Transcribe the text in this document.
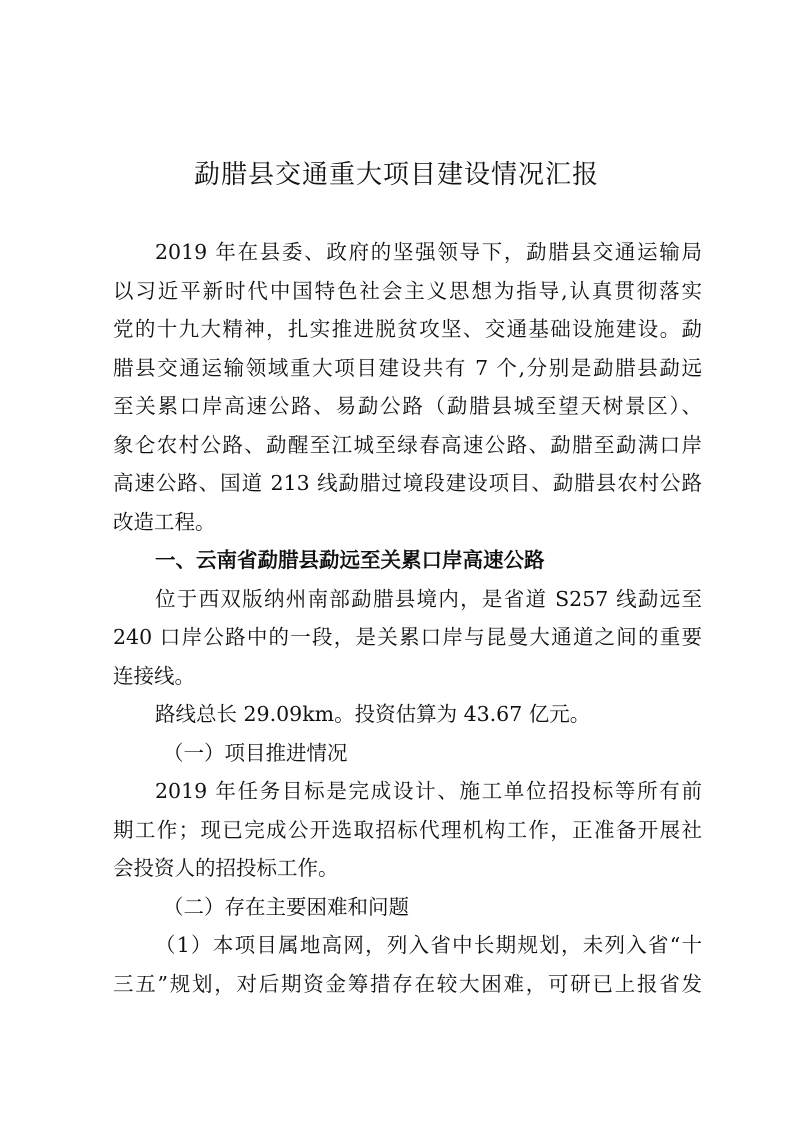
勐腊县交通重大项目建设情况汇报
2019 年在县委、政府的坚强领导下，勐腊县交通运输局
以习近平新时代中国特色社会主义思想为指导,认真贯彻落实
党的十九大精神，扎实推进脱贫攻坚、交通基础设施建设。勐
腊县交通运输领域重大项目建设共有 7 个,分别是勐腊县勐远
至关累口岸高速公路、易勐公路（勐腊县城至望天树景区）、
象仑农村公路、勐醒至江城至绿春高速公路、勐腊至勐满口岸
高速公路、国道 213 线勐腊过境段建设项目、勐腊县农村公路
改造工程。
一、云南省勐腊县勐远至关累口岸高速公路
位于西双版纳州南部勐腊县境内，是省道 S257 线勐远至
240 口岸公路中的一段，是关累口岸与昆曼大通道之间的重要
连接线。
路线总长 29.09km。投资估算为 43.67 亿元。
（一）项目推进情况
2019 年任务目标是完成设计、施工单位招投标等所有前
期工作；现已完成公开选取招标代理机构工作，正准备开展社
会投资人的招投标工作。
（二）存在主要困难和问题
（1）本项目属地高网，列入省中长期规划，未列入省“十
三五”规划，对后期资金筹措存在较大困难，可研已上报省发
